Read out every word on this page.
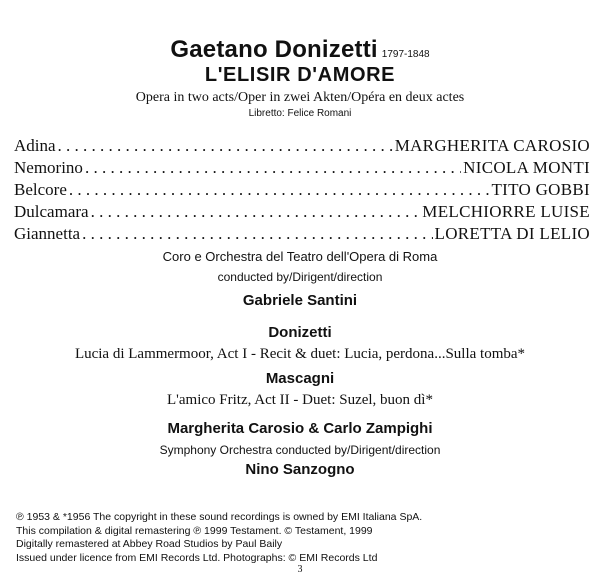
Gaetano Donizetti 1797-1848
L'ELISIR D'AMORE
Opera in two acts/Oper in zwei Akten/Opéra en deux actes
Libretto: Felice Romani
Adina . . .	MARGHERITA CAROSIO
Nemorino . . .	NICOLA MONTI
Belcore . . .	TITO GOBBI
Dulcamara . . .	MELCHIORRE LUISE
Giannetta . . .	LORETTA DI LELIO
Coro e Orchestra del Teatro dell'Opera di Roma
conducted by/Dirigent/direction
Gabriele Santini
Donizetti
Lucia di Lammermoor, Act I - Recit & duet: Lucia, perdona...Sulla tomba*
Mascagni
L'amico Fritz, Act II - Duet: Suzel, buon dì*
Margherita Carosio & Carlo Zampighi
Symphony Orchestra conducted by/Dirigent/direction
Nino Sanzogno
℗ 1953 & *1956 The copyright in these sound recordings is owned by EMI Italiana SpA.
This compilation & digital remastering ℗ 1999 Testament. © Testament, 1999
Digitally remastered at Abbey Road Studios by Paul Baily
Issued under licence from EMI Records Ltd. Photographs: © EMI Records Ltd
3
